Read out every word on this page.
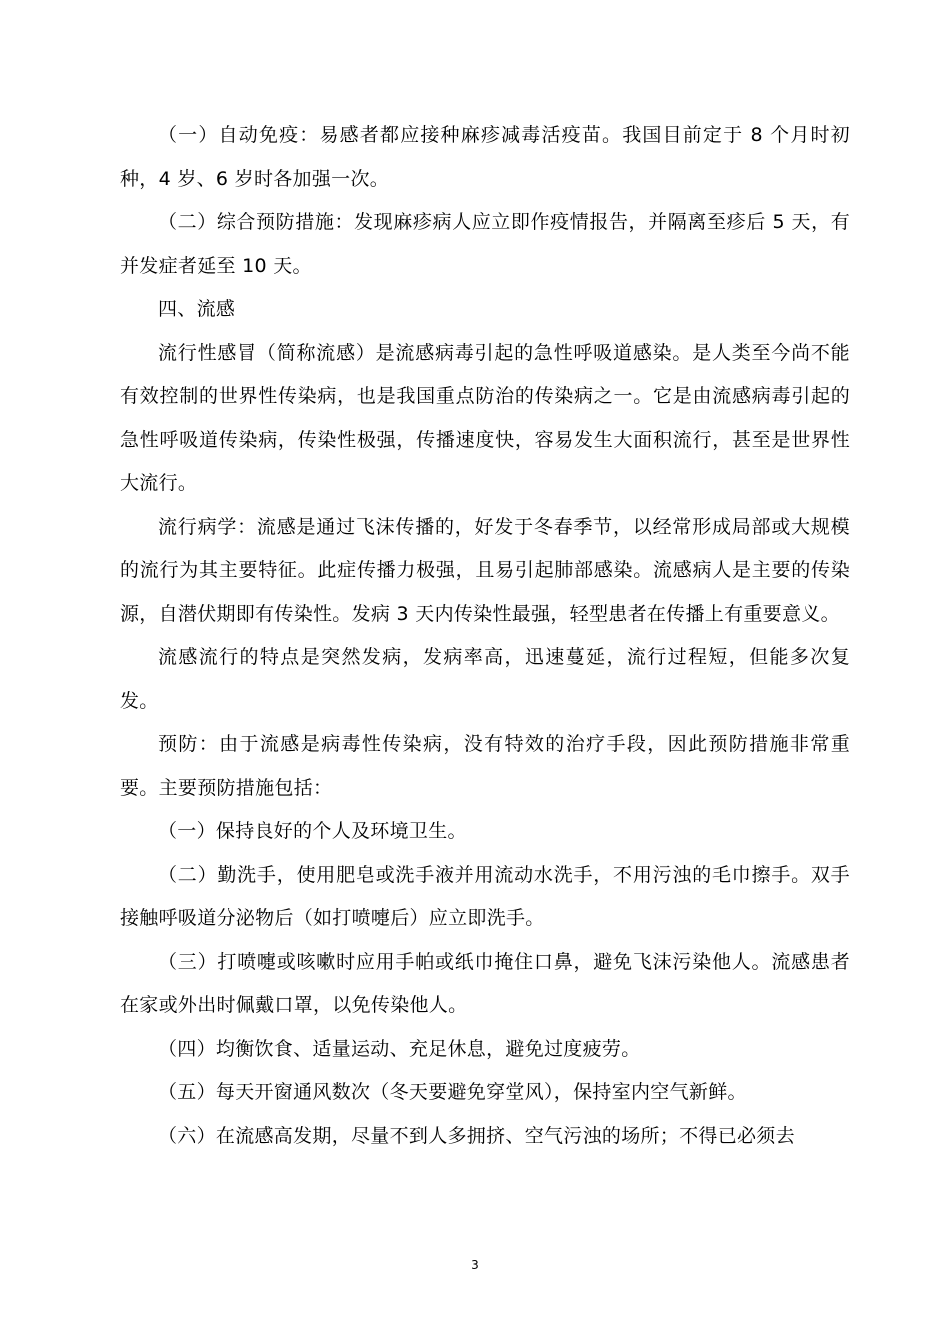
（一）自动免疫：易感者都应接种麻疹减毒活疫苗。我国目前定于 8 个月时初种，4 岁、6 岁时各加强一次。

（二）综合预防措施：发现麻疹病人应立即作疫情报告，并隔离至疹后 5 天，有并发症者延至 10 天。

四、流感

流行性感冒（简称流感）是流感病毒引起的急性呼吸道感染。是人类至今尚不能有效控制的世界性传染病，也是我国重点防治的传染病之一。它是由流感病毒引起的急性呼吸道传染病，传染性极强，传播速度快，容易发生大面积流行，甚至是世界性大流行。

流行病学：流感是通过飞沫传播的，好发于冬春季节，以经常形成局部或大规模的流行为其主要特征。此症传播力极强，且易引起肺部感染。流感病人是主要的传染源，自潜伏期即有传染性。发病 3 天内传染性最强，轻型患者在传播上有重要意义。

流感流行的特点是突然发病，发病率高，迅速蔓延，流行过程短，但能多次复发。

预防：由于流感是病毒性传染病，没有特效的治疗手段，因此预防措施非常重要。主要预防措施包括：

（一）保持良好的个人及环境卫生。

（二）勤洗手，使用肥皂或洗手液并用流动水洗手，不用污浊的毛巾擦手。双手接触呼吸道分泌物后（如打喷嚏后）应立即洗手。

（三）打喷嚏或咳嗽时应用手帕或纸巾掩住口鼻，避免飞沫污染他人。流感患者在家或外出时佩戴口罩，以免传染他人。

（四）均衡饮食、适量运动、充足休息，避免过度疲劳。

（五）每天开窗通风数次（冬天要避免穿堂风），保持室内空气新鲜。

（六）在流感高发期，尽量不到人多拥挤、空气污浊的场所；不得已必须去

3
